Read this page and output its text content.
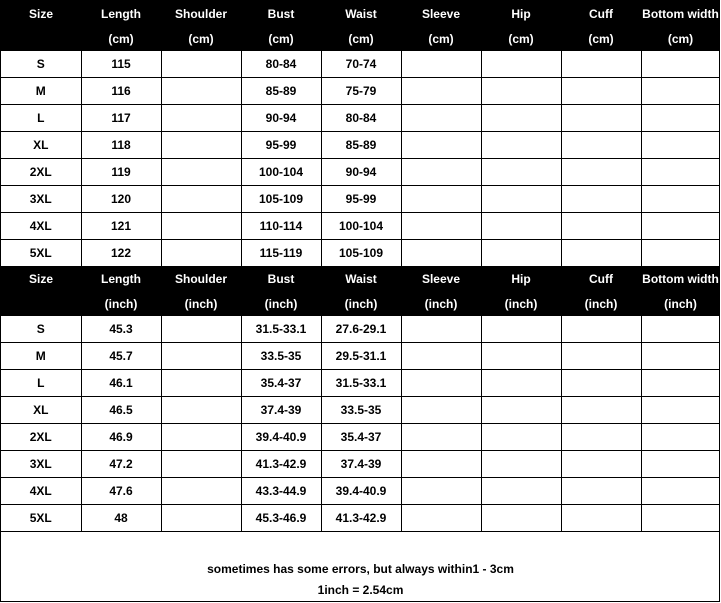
Size	Length	Shoulder	Bust	Waist	Sleeve	Hip	Cuff	Bottom width
	(cm)	(cm)	(cm)	(cm)	(cm)	(cm)	(cm)	(cm)
S	115		80-84	70-74				
M	116		85-89	75-79				
L	117		90-94	80-84				
XL	118		95-99	85-89				
2XL	119		100-104	90-94				
3XL	120		105-109	95-99				
4XL	121		110-114	100-104				
5XL	122		115-119	105-109				
Size	Length	Shoulder	Bust	Waist	Sleeve	Hip	Cuff	Bottom width
	(inch)	(inch)	(inch)	(inch)	(inch)	(inch)	(inch)	(inch)
S	45.3		31.5-33.1	27.6-29.1				
M	45.7		33.5-35	29.5-31.1				
L	46.1		35.4-37	31.5-33.1				
XL	46.5		37.4-39	33.5-35				
2XL	46.9		39.4-40.9	35.4-37				
3XL	47.2		41.3-42.9	37.4-39				
4XL	47.6		43.3-44.9	39.4-40.9				
5XL	48		45.3-46.9	41.3-42.9				

sometimes has some errors, but always within1 - 3cm

1inch = 2.54cm
